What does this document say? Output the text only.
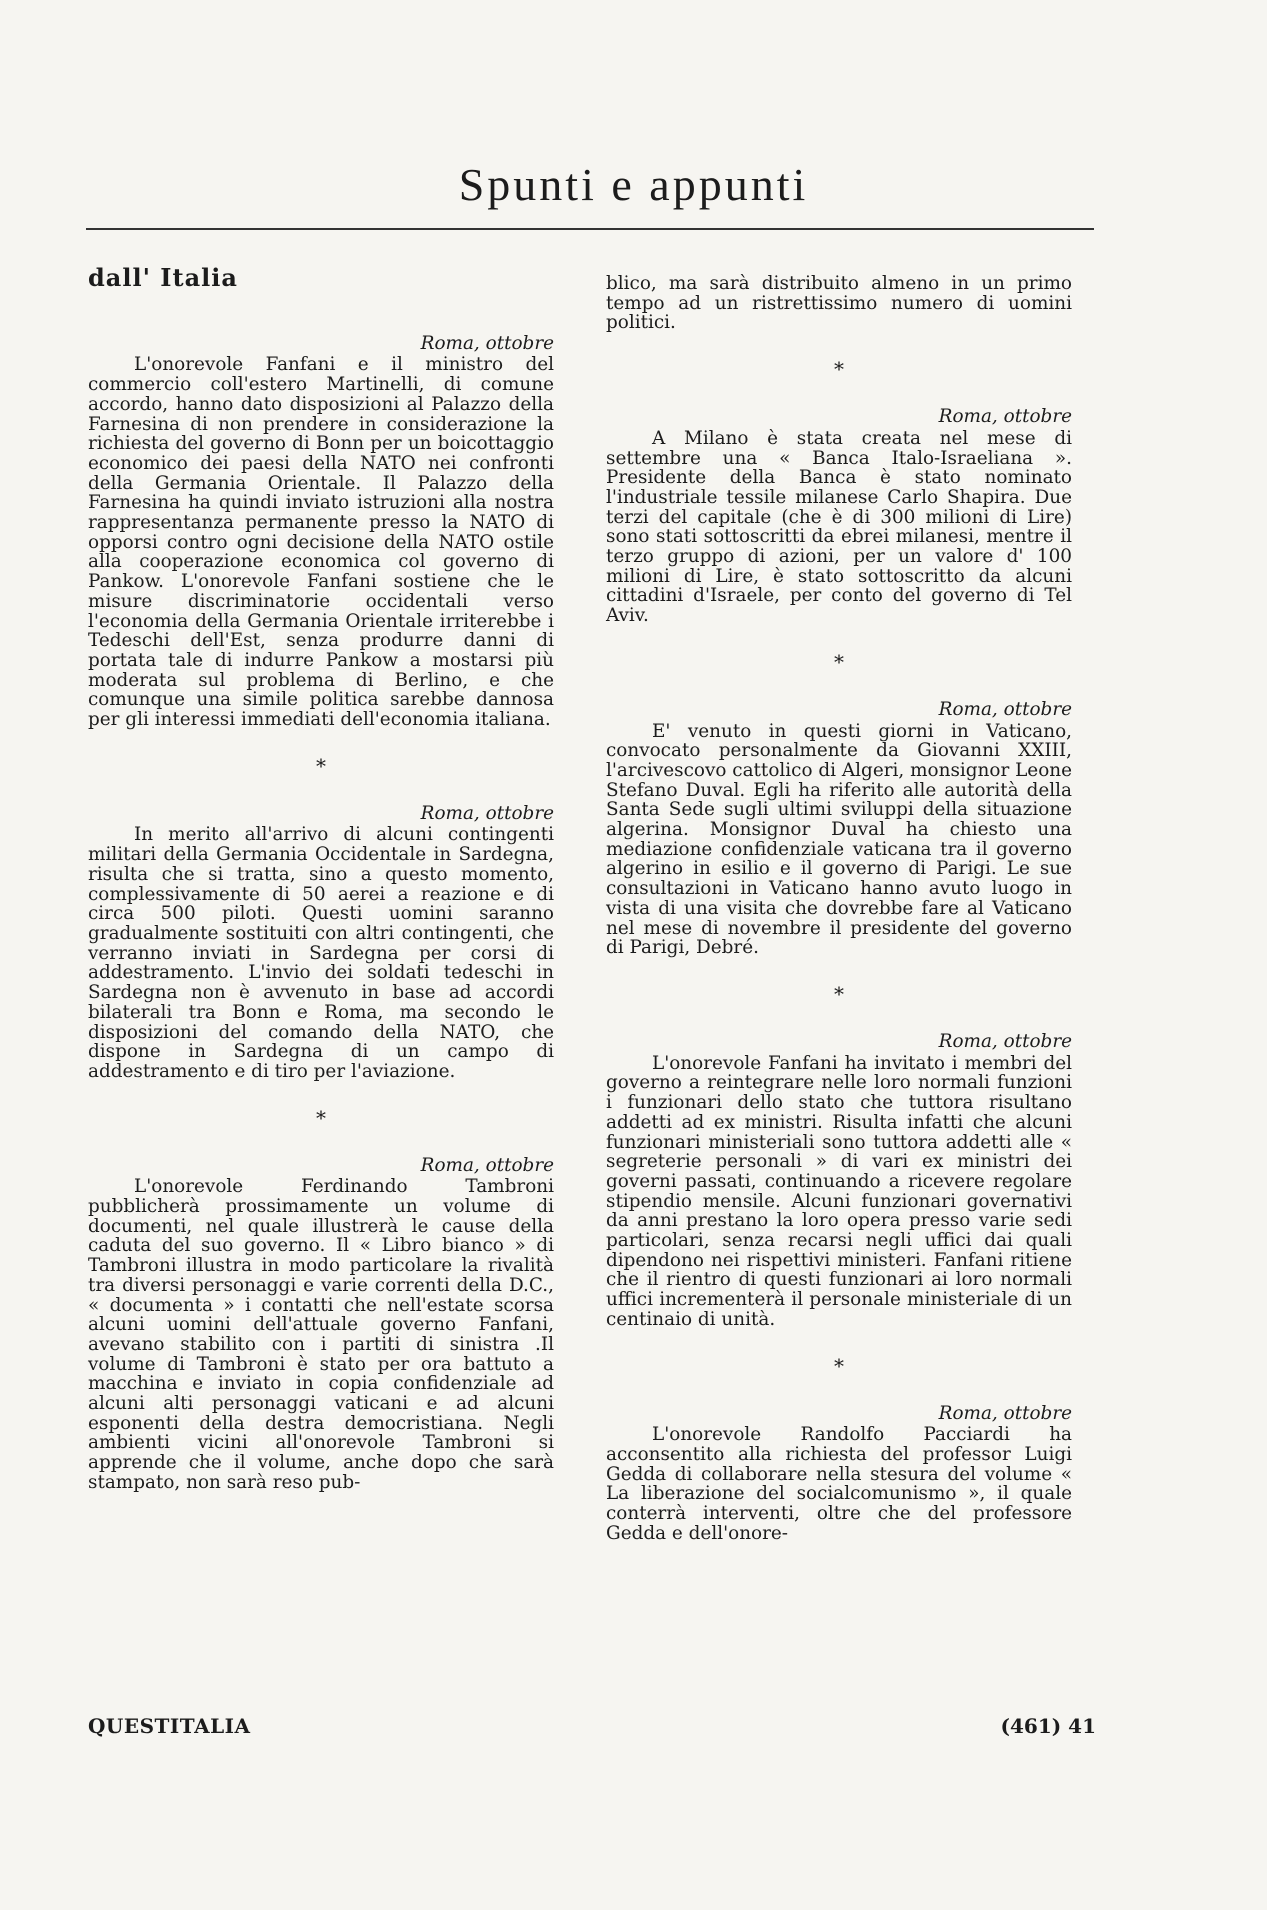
Spunti e appunti
dall' Italia
Roma, ottobre

L'onorevole Fanfani e il ministro del commercio coll'estero Martinelli, di comune accordo, hanno dato disposizioni al Palazzo della Farnesina di non prendere in considerazione la richiesta del governo di Bonn per un boicottaggio economico dei paesi della NATO nei confronti della Germania Orientale. Il Palazzo della Farnesina ha quindi inviato istruzioni alla nostra rappresentanza permanente presso la NATO di opporsi contro ogni decisione della NATO ostile alla cooperazione economica col governo di Pankow. L'onorevole Fanfani sostiene che le misure discriminatorie occidentali verso l'economia della Germania Orientale irriterebbe i Tedeschi dell'Est, senza produrre danni di portata tale di indurre Pankow a mostarsi più moderata sul problema di Berlino, e che comunque una simile politica sarebbe dannosa per gli interessi immediati dell'economia italiana.

*
Roma, ottobre

In merito all'arrivo di alcuni contingenti militari della Germania Occidentale in Sardegna, risulta che si tratta, sino a questo momento, complessivamente di 50 aerei a reazione e di circa 500 piloti. Questi uomini saranno gradualmente sostituiti con altri contingenti, che verranno inviati in Sardegna per corsi di addestramento. L'invio dei soldati tedeschi in Sardegna non è avvenuto in base ad accordi bilaterali tra Bonn e Roma, ma secondo le disposizioni del comando della NATO, che dispone in Sardegna di un campo di addestramento e di tiro per l'aviazione.

*
Roma, ottobre

L'onorevole Ferdinando Tambroni pubblicherà prossimamente un volume di documenti, nel quale illustrerà le cause della caduta del suo governo. Il « Libro bianco » di Tambroni illustra in modo particolare la rivalità tra diversi personaggi e varie correnti della D.C., « documenta » i contatti che nell'estate scorsa alcuni uomini dell'attuale governo Fanfani, avevano stabilito con i partiti di sinistra .Il volume di Tambroni è stato per ora battuto a macchina e inviato in copia confidenziale ad alcuni alti personaggi vaticani e ad alcuni esponenti della destra democristiana. Negli ambienti vicini all'onorevole Tambroni si apprende che il volume, anche dopo che sarà stampato, non sarà reso pub-

blico, ma sarà distribuito almeno in un primo tempo ad un ristrettissimo numero di uomini politici.

*
Roma, ottobre

A Milano è stata creata nel mese di settembre una « Banca Italo-Israeliana ». Presidente della Banca è stato nominato l'industriale tessile milanese Carlo Shapira. Due terzi del capitale (che è di 300 milioni di Lire) sono stati sottoscritti da ebrei milanesi, mentre il terzo gruppo di azioni, per un valore d' 100 milioni di Lire, è stato sottoscritto da alcuni cittadini d'Israele, per conto del governo di Tel Aviv.

*
Roma, ottobre

E' venuto in questi giorni in Vaticano, convocato personalmente da Giovanni XXIII, l'arcivescovo cattolico di Algeri, monsignor Leone Stefano Duval. Egli ha riferito alle autorità della Santa Sede sugli ultimi sviluppi della situazione algerina. Monsignor Duval ha chiesto una mediazione confidenziale vaticana tra il governo algerino in esilio e il governo di Parigi. Le sue consultazioni in Vaticano hanno avuto luogo in vista di una visita che dovrebbe fare al Vaticano nel mese di novembre il presidente del governo di Parigi, Debré.

*
Roma, ottobre

L'onorevole Fanfani ha invitato i membri del governo a reintegrare nelle loro normali funzioni i funzionari dello stato che tuttora risultano addetti ad ex ministri. Risulta infatti che alcuni funzionari ministeriali sono tuttora addetti alle « segreterie personali » di vari ex ministri dei governi passati, continuando a ricevere regolare stipendio mensile. Alcuni funzionari governativi da anni prestano la loro opera presso varie sedi particolari, senza recarsi negli uffici dai quali dipendono nei rispettivi ministeri. Fanfani ritiene che il rientro di questi funzionari ai loro normali uffici incrementerà il personale ministeriale di un centinaio di unità.

*
Roma, ottobre

L'onorevole Randolfo Pacciardi ha acconsentito alla richiesta del professor Luigi Gedda di collaborare nella stesura del volume « La liberazione del socialcomunismo », il quale conterrà interventi, oltre che del professore Gedda e dell'onore-

QUESTITALIA	(461) 41
